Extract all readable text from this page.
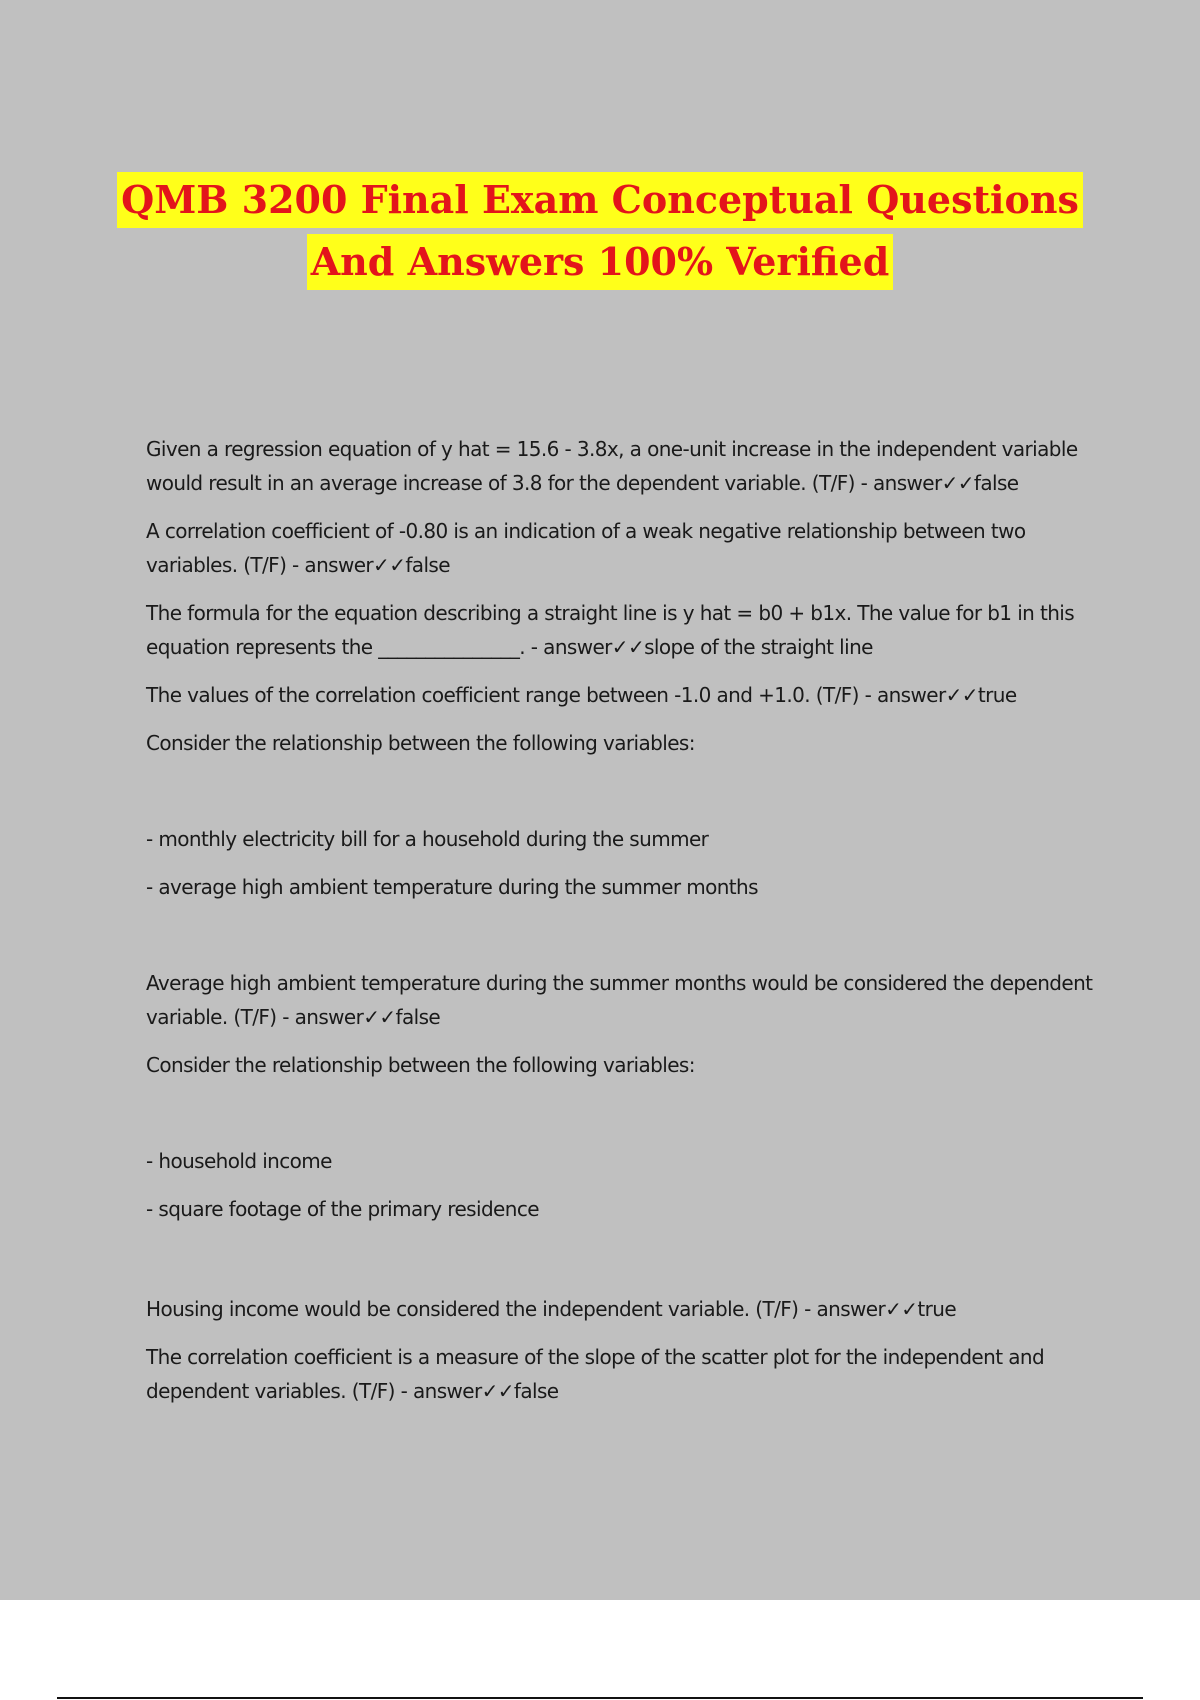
QMB 3200 Final Exam Conceptual Questions
And Answers 100% Verified

Given a regression equation of y hat = 15.6 - 3.8x, a one-unit increase in the independent variable would result in an average increase of 3.8 for the dependent variable. (T/F) - answer✓✓false

A correlation coefficient of -0.80 is an indication of a weak negative relationship between two variables. (T/F) - answer✓✓false

The formula for the equation describing a straight line is y hat = b0 + b1x. The value for b1 in this equation represents the _______________. - answer✓✓slope of the straight line

The values of the correlation coefficient range between -1.0 and +1.0. (T/F) - answer✓✓true

Consider the relationship between the following variables:

- monthly electricity bill for a household during the summer

- average high ambient temperature during the summer months

Average high ambient temperature during the summer months would be considered the dependent variable. (T/F) - answer✓✓false

Consider the relationship between the following variables:

- household income

- square footage of the primary residence

Housing income would be considered the independent variable. (T/F) - answer✓✓true

The correlation coefficient is a measure of the slope of the scatter plot for the independent and dependent variables. (T/F) - answer✓✓false
